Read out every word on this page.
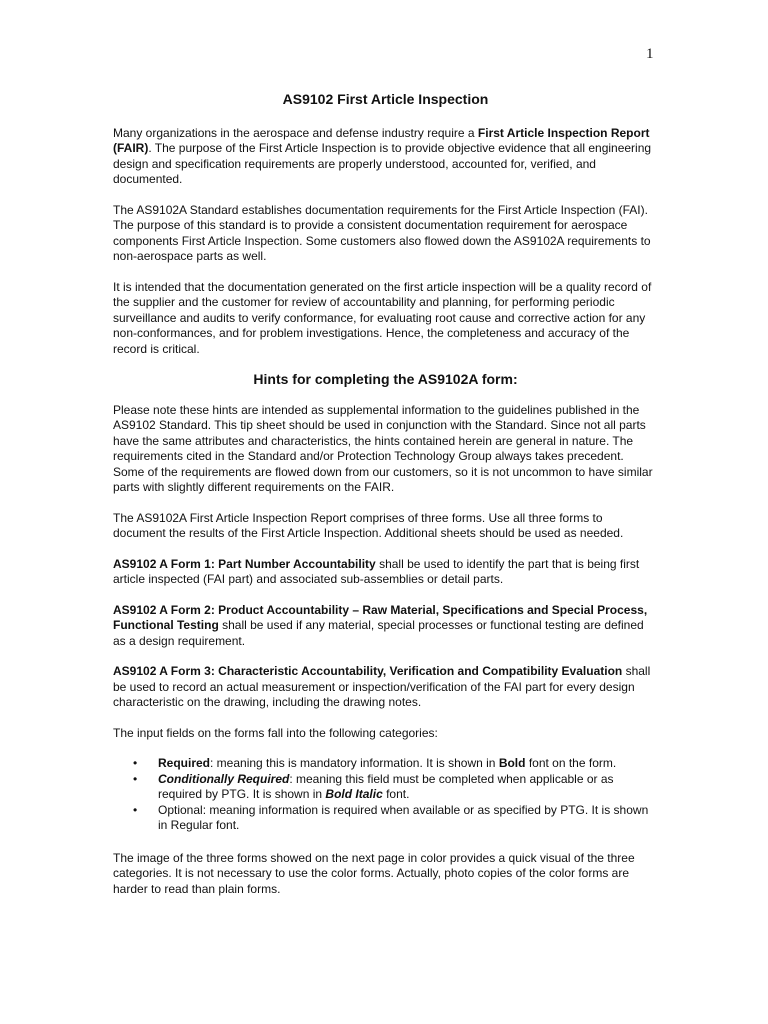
1
AS9102 First Article Inspection

Many organizations in the aerospace and defense industry require a First Article Inspection Report (FAIR). The purpose of the First Article Inspection is to provide objective evidence that all engineering design and specification requirements are properly understood, accounted for, verified, and documented.

The AS9102A Standard establishes documentation requirements for the First Article Inspection (FAI). The purpose of this standard is to provide a consistent documentation requirement for aerospace components First Article Inspection. Some customers also flowed down the AS9102A requirements to non-aerospace parts as well.

It is intended that the documentation generated on the first article inspection will be a quality record of the supplier and the customer for review of accountability and planning, for performing periodic surveillance and audits to verify conformance, for evaluating root cause and corrective action for any non-conformances, and for problem investigations. Hence, the completeness and accuracy of the record is critical.

Hints for completing the AS9102A form:

Please note these hints are intended as supplemental information to the guidelines published in the AS9102 Standard. This tip sheet should be used in conjunction with the Standard. Since not all parts have the same attributes and characteristics, the hints contained herein are general in nature. The requirements cited in the Standard and/or Protection Technology Group always takes precedent. Some of the requirements are flowed down from our customers, so it is not uncommon to have similar parts with slightly different requirements on the FAIR.

The AS9102A First Article Inspection Report comprises of three forms. Use all three forms to document the results of the First Article Inspection. Additional sheets should be used as needed.

AS9102 A Form 1: Part Number Accountability shall be used to identify the part that is being first article inspected (FAI part) and associated sub-assemblies or detail parts.

AS9102 A Form 2: Product Accountability – Raw Material, Specifications and Special Process, Functional Testing shall be used if any material, special processes or functional testing are defined as a design requirement.

AS9102 A Form 3: Characteristic Accountability, Verification and Compatibility Evaluation shall be used to record an actual measurement or inspection/verification of the FAI part for every design characteristic on the drawing, including the drawing notes.

The input fields on the forms fall into the following categories:

• Required: meaning this is mandatory information. It is shown in Bold font on the form.
• Conditionally Required: meaning this field must be completed when applicable or as required by PTG. It is shown in Bold Italic font.
• Optional: meaning information is required when available or as specified by PTG. It is shown in Regular font.

The image of the three forms showed on the next page in color provides a quick visual of the three categories. It is not necessary to use the color forms. Actually, photo copies of the color forms are harder to read than plain forms.
